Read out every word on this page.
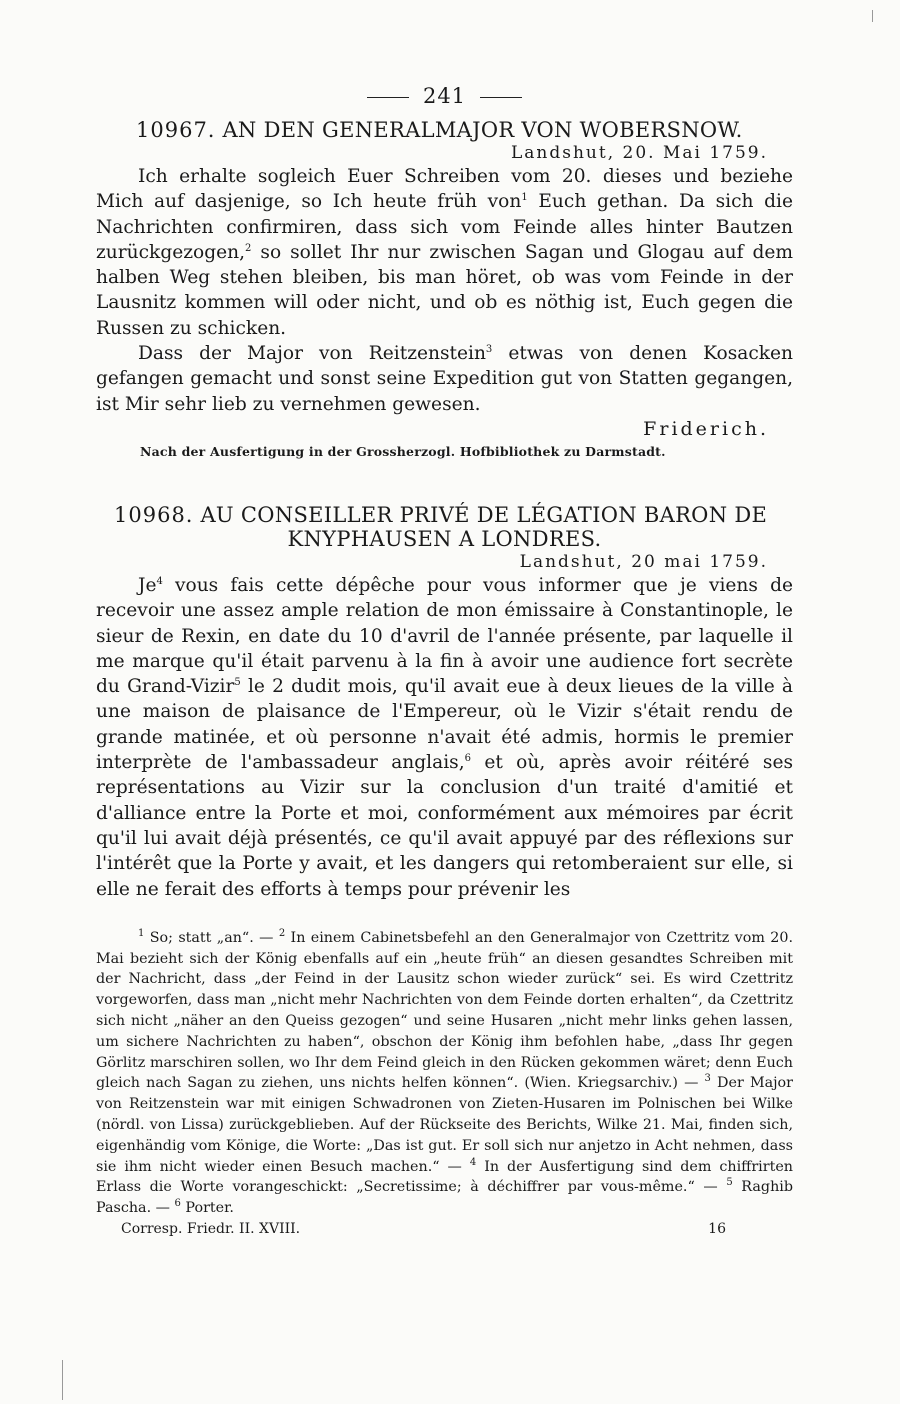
241
10967. AN DEN GENERALMAJOR VON WOBERSNOW.
Landshut, 20. Mai 1759.

Ich erhalte sogleich Euer Schreiben vom 20. dieses und beziehe Mich auf dasjenige, so Ich heute früh von$^1$ Euch gethan. Da sich die Nachrichten confirmiren, dass sich vom Feinde alles hinter Bautzen zurückgezogen,$^2$ so sollet Ihr nur zwischen Sagan und Glogau auf dem halben Weg stehen bleiben, bis man höret, ob was vom Feinde in der Lausnitz kommen will oder nicht, und ob es nöthig ist, Euch gegen die Russen zu schicken.

Dass der Major von Reitzenstein$^3$ etwas von denen Kosacken gefangen gemacht und sonst seine Expedition gut von Statten gegangen, ist Mir sehr lieb zu vernehmen gewesen.

Friderich.
Nach der Ausfertigung in der Grossherzogl. Hofbibliothek zu Darmstadt.
10968. AU CONSEILLER PRIVÉ DE LÉGATION BARON DE
KNYPHAUSEN A LONDRES.
Landshut, 20 mai 1759.

Je$^4$ vous fais cette dépêche pour vous informer que je viens de recevoir une assez ample relation de mon émissaire à Constantinople, le sieur de Rexin, en date du 10 d'avril de l'année présente, par laquelle il me marque qu'il était parvenu à la fin à avoir une audience fort secrète du Grand-Vizir$^5$ le 2 dudit mois, qu'il avait eue à deux lieues de la ville à une maison de plaisance de l'Empereur, où le Vizir s'était rendu de grande matinée, et où personne n'avait été admis, hormis le premier interprète de l'ambassadeur anglais,$^6$ et où, après avoir réitéré ses représentations au Vizir sur la conclusion d'un traité d'amitié et d'alliance entre la Porte et moi, conformément aux mémoires par écrit qu'il lui avait déjà présentés, ce qu'il avait appuyé par des réflexions sur l'intérêt que la Porte y avait, et les dangers qui retomberaient sur elle, si elle ne ferait des efforts à temps pour prévenir les

$^1$ So; statt „an“. — $^2$ In einem Cabinetsbefehl an den Generalmajor von Czettritz vom 20. Mai bezieht sich der König ebenfalls auf ein „heute früh“ an diesen gesandtes Schreiben mit der Nachricht, dass „der Feind in der Lausitz schon wieder zurück“ sei. Es wird Czettritz vorgeworfen, dass man „nicht mehr Nachrichten von dem Feinde dorten erhalten“, da Czettritz sich nicht „näher an den Queiss gezogen“ und seine Husaren „nicht mehr links gehen lassen, um sichere Nachrichten zu haben“, obschon der König ihm befohlen habe, „dass Ihr gegen Görlitz marschiren sollen, wo Ihr dem Feind gleich in den Rücken gekommen wäret; denn Euch gleich nach Sagan zu ziehen, uns nichts helfen können“. (Wien. Kriegsarchiv.) — $^3$ Der Major von Reitzenstein war mit einigen Schwadronen von Zieten-Husaren im Polnischen bei Wilke (nördl. von Lissa) zurückgeblieben. Auf der Rückseite des Berichts, Wilke 21. Mai, finden sich, eigenhändig vom Könige, die Worte: „Das ist gut. Er soll sich nur anjetzo in Acht nehmen, dass sie ihm nicht wieder einen Besuch machen.“ — $^4$ In der Ausfertigung sind dem chiffrirten Erlass die Worte vorangeschickt: „Secretissime; à déchiffrer par vous-même.“ — $^5$ Raghib Pascha. — $^6$ Porter.

Corresp. Friedr. II. XVIII.	16
